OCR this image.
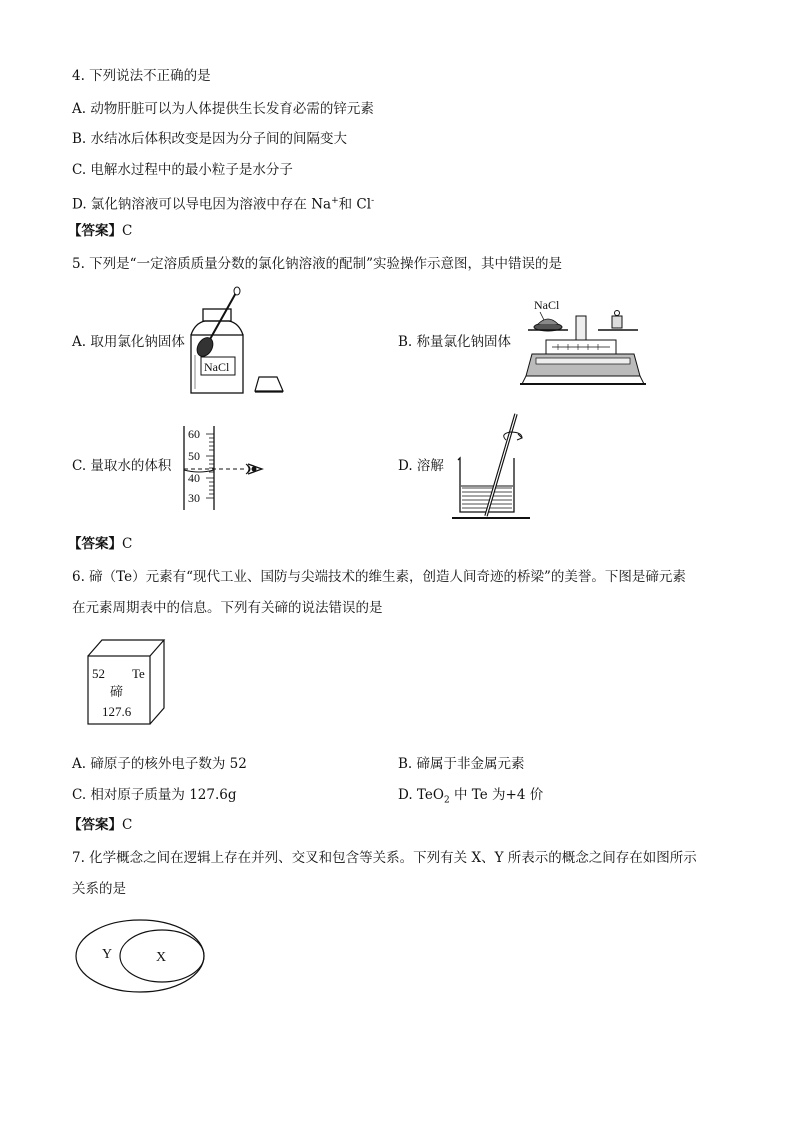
4. 下列说法不正确的是
A. 动物肝脏可以为人体提供生长发育必需的锌元素
B. 水结冰后体积改变是因为分子间的间隔变大
C. 电解水过程中的最小粒子是水分子
D. 氯化钠溶液可以导电因为溶液中存在 Na+和 Cl-
【答案】C
5. 下列是“一定溶质质量分数的氯化钠溶液的配制”实验操作示意图，其中错误的是
NaCl
A. 取用氯化钠固体
NaCl
B. 称量氯化钠固体
60
50
40
30
C. 量取水的体积	D. 溶解
【答案】C
6. 碲（Te）元素有“现代工业、国防与尖端技术的维生素，创造人间奇迹的桥梁”的美誉。下图是碲元素
在元素周期表中的信息。下列有关碲的说法错误的是
52 Te
碲
127.6
A. 碲原子的核外电子数为 52	B. 碲属于非金属元素
C. 相对原子质量为 127.6g	D. TeO$_2$ 中 Te 为+4 价
【答案】C
7. 化学概念之间在逻辑上存在并列、交叉和包含等关系。下列有关 X、Y 所表示的概念之间存在如图所示
关系的是
Y	X
